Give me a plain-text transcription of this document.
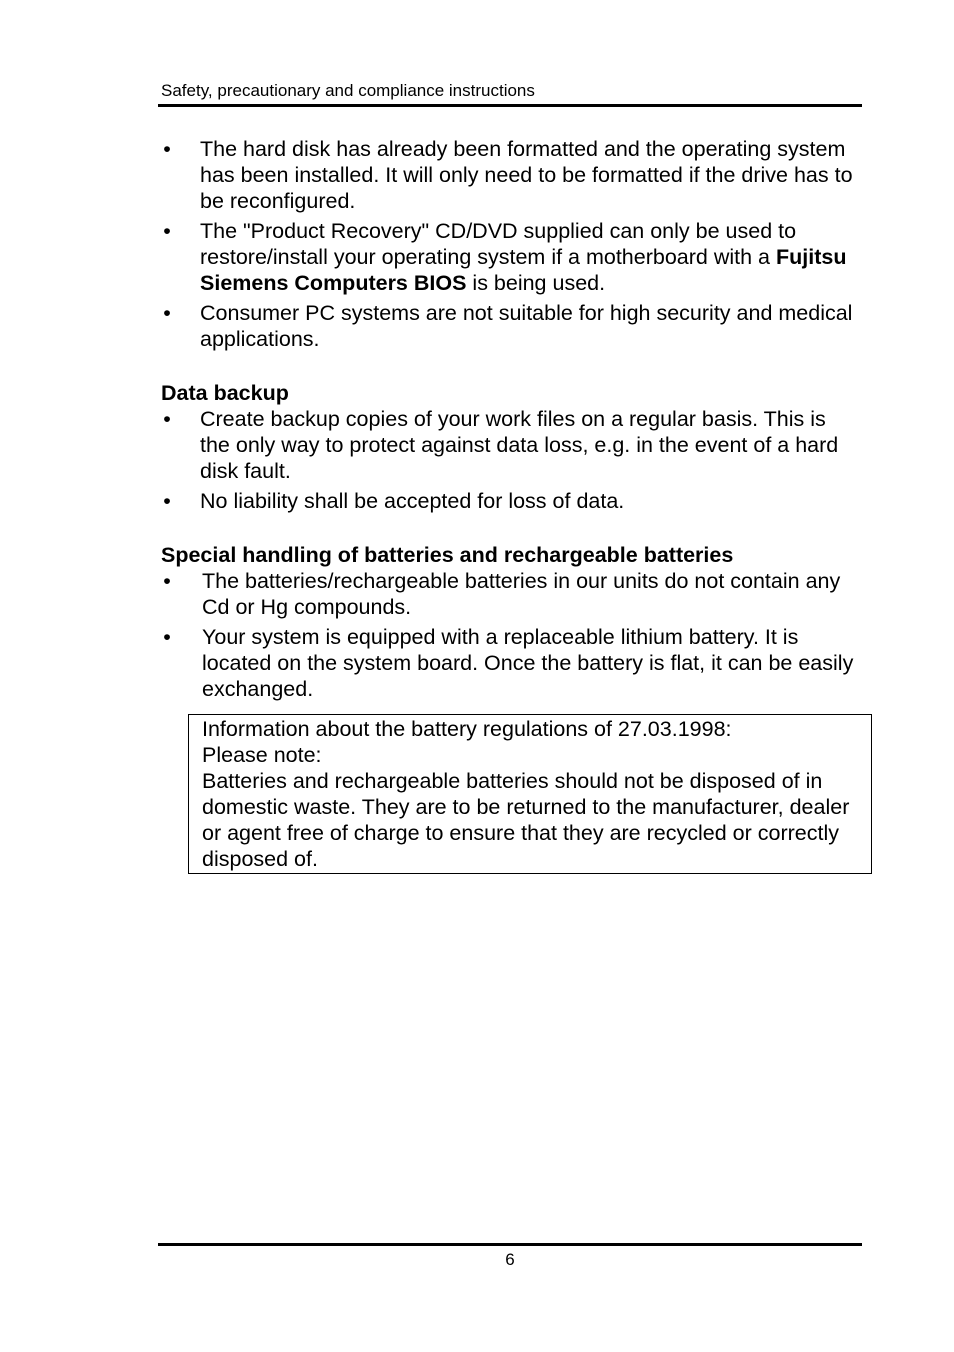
Safety, precautionary and compliance instructions
• The hard disk has already been formatted and the operating system has been installed. It will only need to be formatted if the drive has to be reconfigured.
• The "Product Recovery" CD/DVD supplied can only be used to restore/install your operating system if a motherboard with a Fujitsu Siemens Computers BIOS is being used.
• Consumer PC systems are not suitable for high security and medical applications.
Data backup
• Create backup copies of your work files on a regular basis. This is the only way to protect against data loss, e.g. in the event of a hard disk fault.
• No liability shall be accepted for loss of data.
Special handling of batteries and rechargeable batteries
• The batteries/rechargeable batteries in our units do not contain any Cd or Hg compounds.
• Your system is equipped with a replaceable lithium battery. It is located on the system board. Once the battery is flat, it can be easily exchanged.
Information about the battery regulations of 27.03.1998:
Please note:
Batteries and rechargeable batteries should not be disposed of in domestic waste. They are to be returned to the manufacturer, dealer or agent free of charge to ensure that they are recycled or correctly disposed of.
6
